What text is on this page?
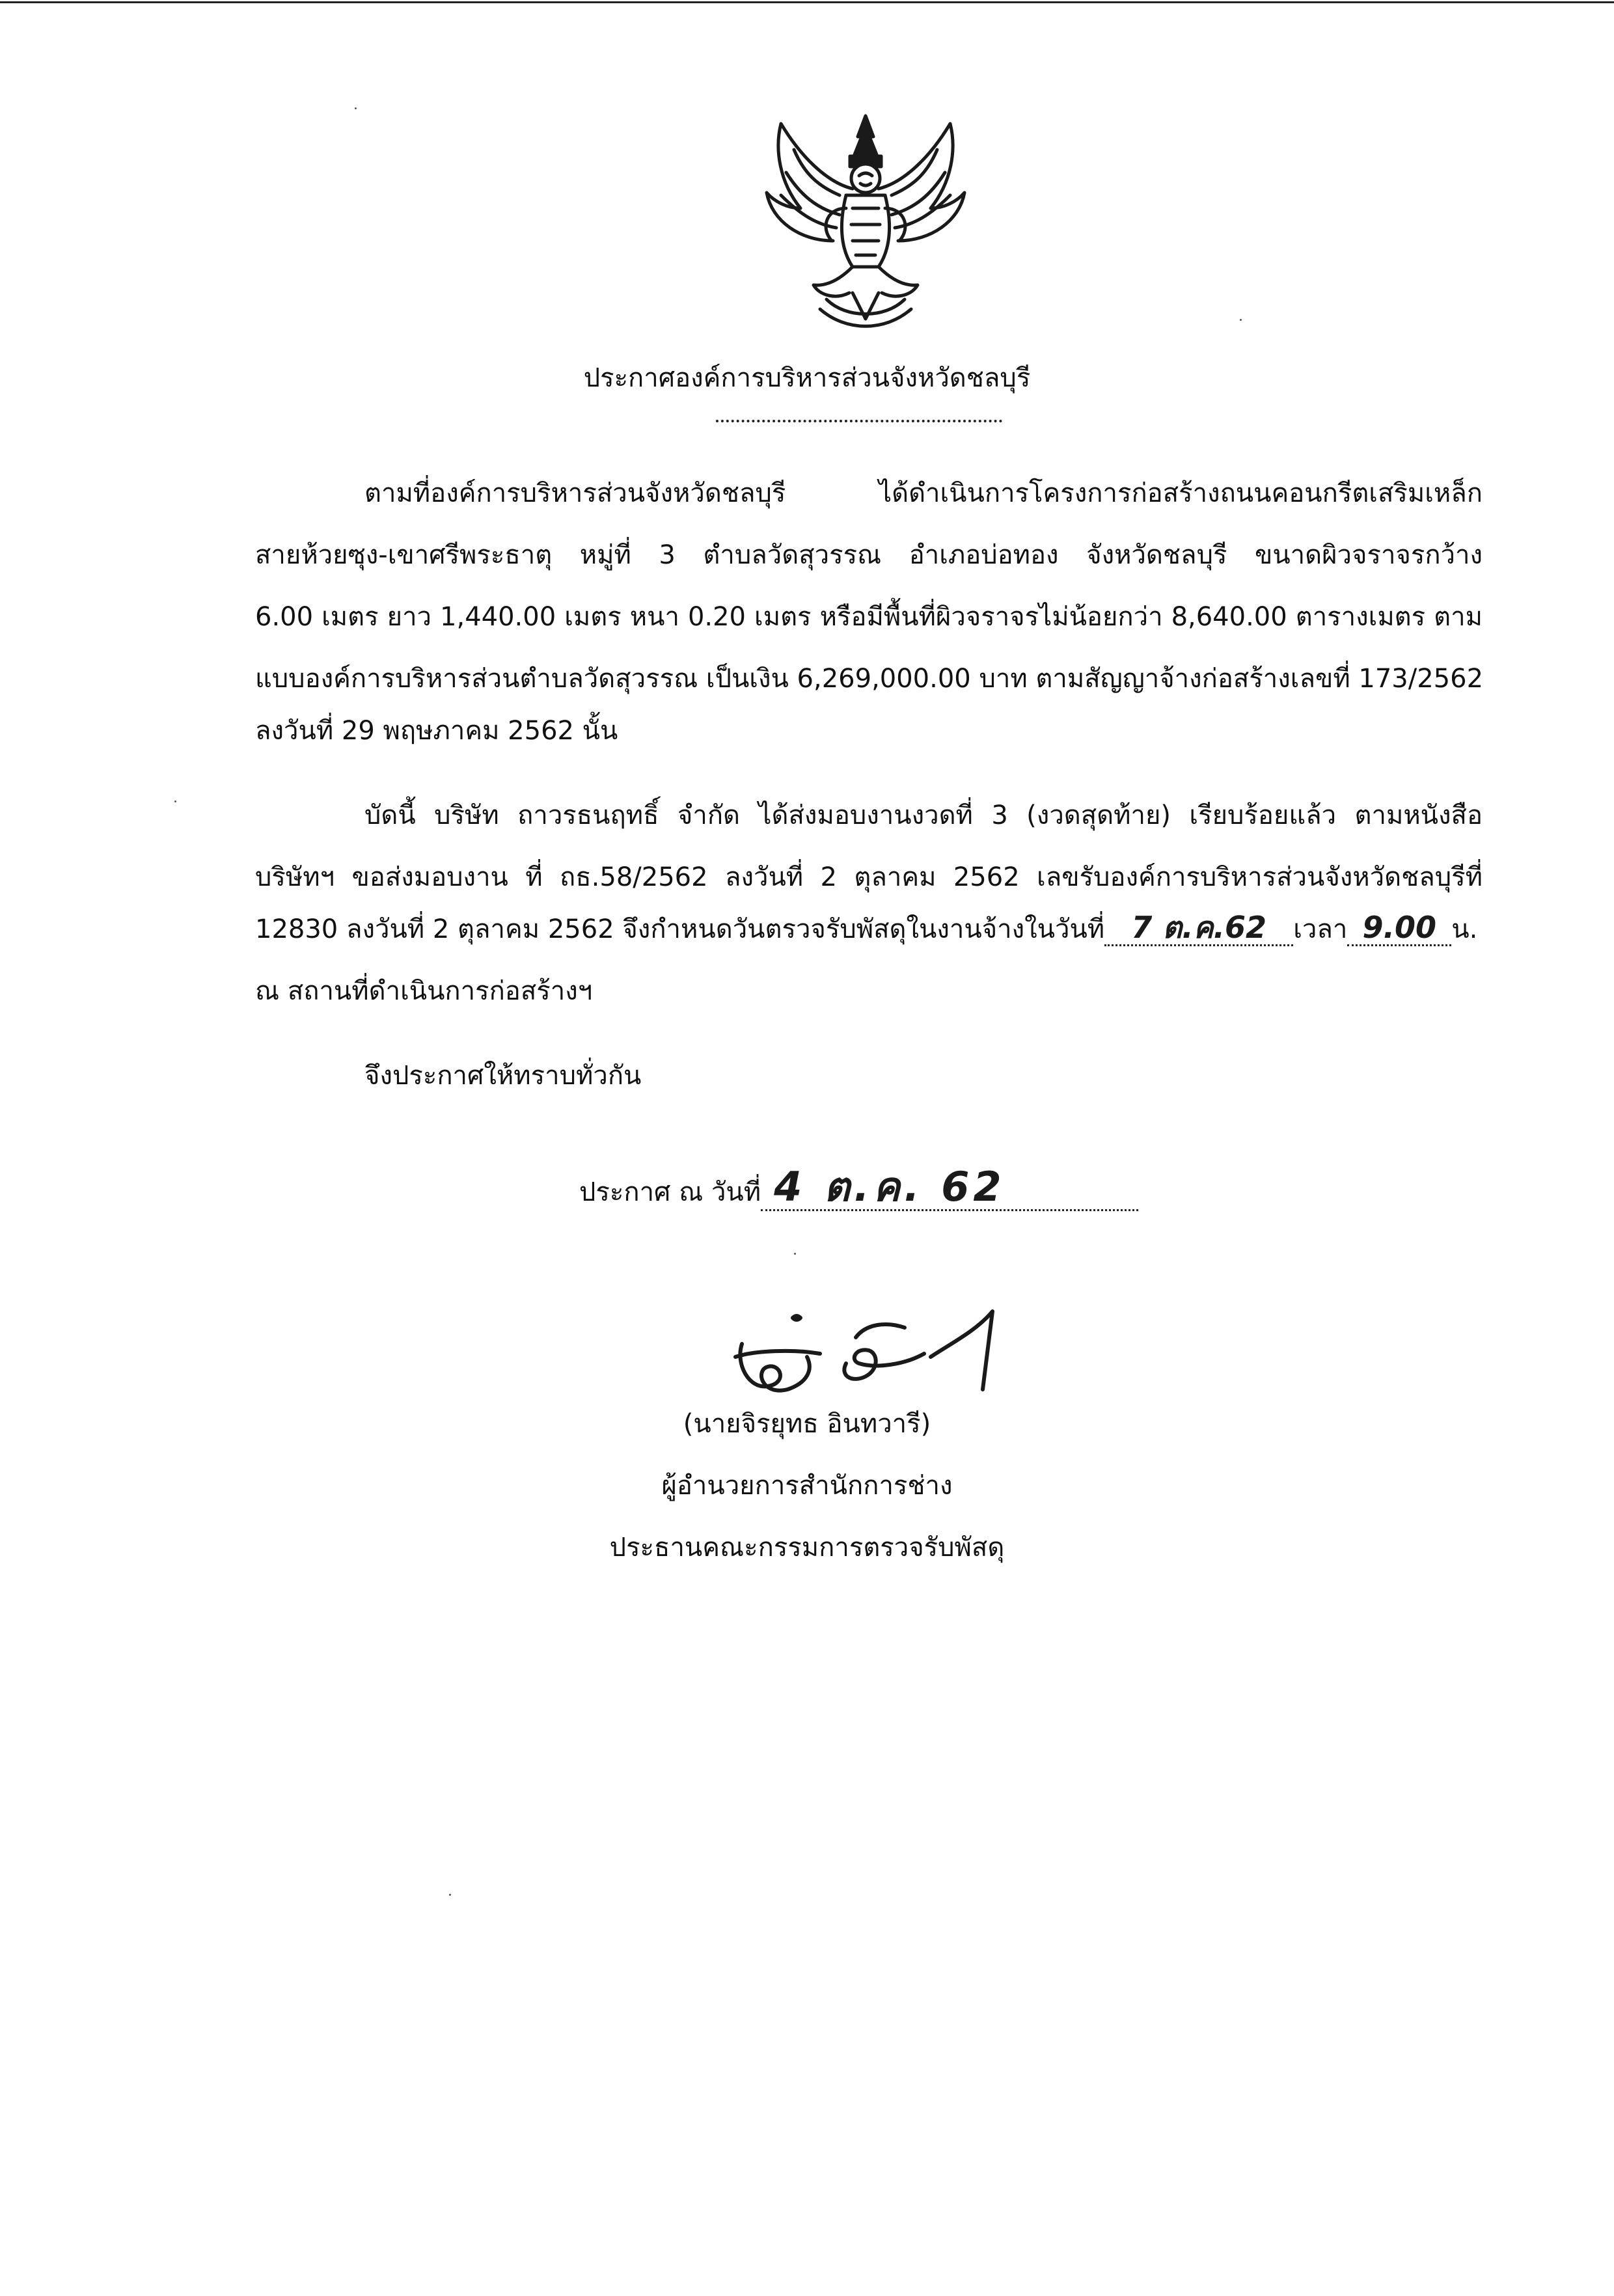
ประกาศองค์การบริหารส่วนจังหวัดชลบุรี

ตามที่องค์การบริหารส่วนจังหวัดชลบุรี ได้ดำเนินการโครงการก่อสร้างถนนคอนกรีตเสริมเหล็ก

สายห้วยซุง-เขาศรีพระธาตุ หมู่ที่ 3 ตำบลวัดสุวรรณ อำเภอบ่อทอง จังหวัดชลบุรี ขนาดผิวจราจรกว้าง

6.00 เมตร ยาว 1,440.00 เมตร หนา 0.20 เมตร หรือมีพื้นที่ผิวจราจรไม่น้อยกว่า 8,640.00 ตารางเมตร ตาม

แบบองค์การบริหารส่วนตำบลวัดสุวรรณ เป็นเงิน 6,269,000.00 บาท ตามสัญญาจ้างก่อสร้างเลขที่ 173/2562

ลงวันที่ 29 พฤษภาคม 2562 นั้น

บัดนี้ บริษัท ถาวรธนฤทธิ์ จำกัด ได้ส่งมอบงานงวดที่ 3 (งวดสุดท้าย) เรียบร้อยแล้ว ตามหนังสือ

บริษัทฯ ขอส่งมอบงาน ที่ ถธ.58/2562 ลงวันที่ 2 ตุลาคม 2562 เลขรับองค์การบริหารส่วนจังหวัดชลบุรีที่

12830 ลงวันที่ 2 ตุลาคม 2562 จึงกำหนดวันตรวจรับพัสดุในงานจ้างในวันที่ 7 ต.ค.62 เวลา 9.00 น.

ณ สถานที่ดำเนินการก่อสร้างฯ

จึงประกาศให้ทราบทั่วกัน

ประกาศ ณ วันที่ 4 ต.ค. 62
(นายจิรยุทธ อินทวารี)
ผู้อำนวยการสำนักการช่าง
ประธานคณะกรรมการตรวจรับพัสดุ
